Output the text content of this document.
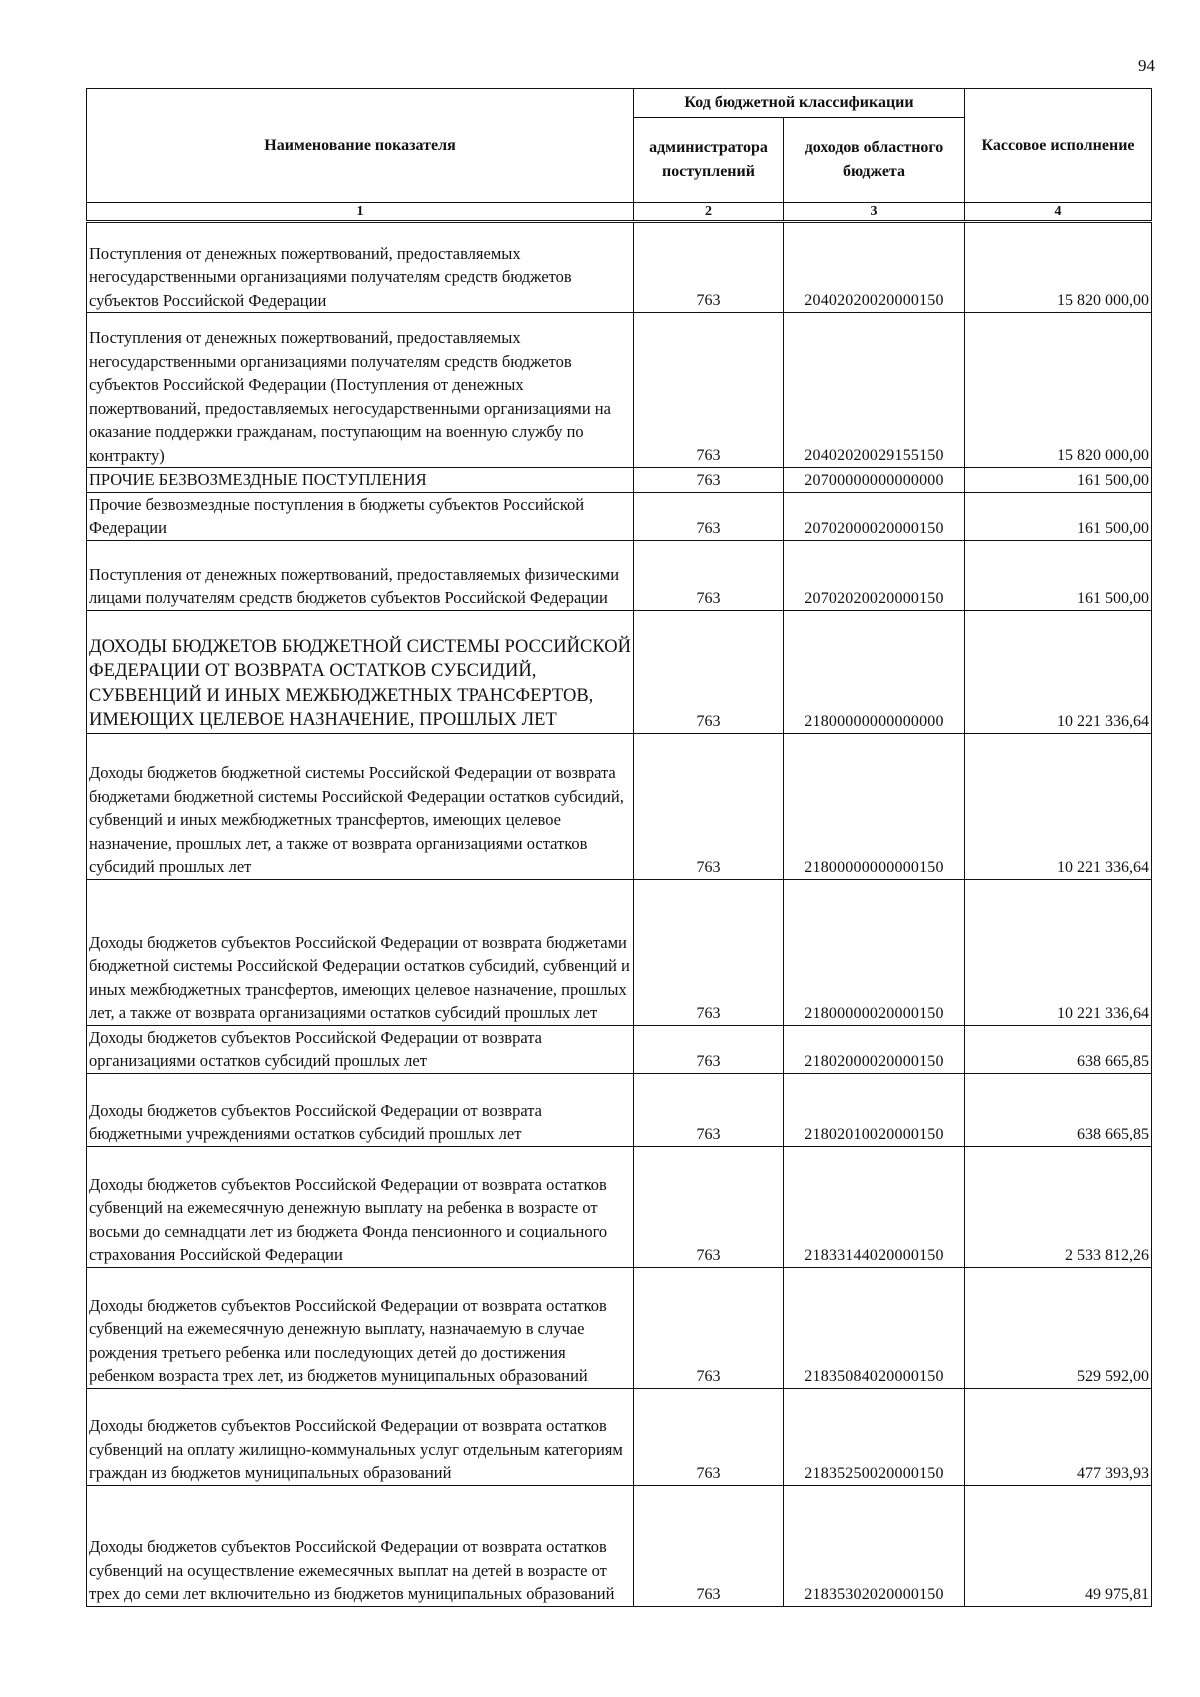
94
Наименование показателя	Код бюджетной классификации		Кассовое исполнение
	администратора поступлений	доходов областного бюджета	
1	2	3	4
Поступления от денежных пожертвований, предоставляемых негосударственными организациями получателям средств бюджетов субъектов Российской Федерации	763	20402020020000150	15 820 000,00
Поступления от денежных пожертвований, предоставляемых негосударственными организациями получателям средств бюджетов субъектов Российской Федерации (Поступления от денежных пожертвований, предоставляемых негосударственными организациями на оказание поддержки гражданам, поступающим на военную службу по контракту)	763	20402020029155150	15 820 000,00
ПРОЧИЕ БЕЗВОЗМЕЗДНЫЕ ПОСТУПЛЕНИЯ	763	20700000000000000	161 500,00
Прочие безвозмездные поступления в бюджеты субъектов Российской Федерации	763	20702000020000150	161 500,00
Поступления от денежных пожертвований, предоставляемых физическими лицами получателям средств бюджетов субъектов Российской Федерации	763	20702020020000150	161 500,00
ДОХОДЫ БЮДЖЕТОВ БЮДЖЕТНОЙ СИСТЕМЫ РОССИЙСКОЙ ФЕДЕРАЦИИ ОТ ВОЗВРАТА ОСТАТКОВ СУБСИДИЙ, СУБВЕНЦИЙ И ИНЫХ МЕЖБЮДЖЕТНЫХ ТРАНСФЕРТОВ, ИМЕЮЩИХ ЦЕЛЕВОЕ НАЗНАЧЕНИЕ, ПРОШЛЫХ ЛЕТ	763	21800000000000000	10 221 336,64
Доходы бюджетов бюджетной системы Российской Федерации от возврата бюджетами бюджетной системы Российской Федерации остатков субсидий, субвенций и иных межбюджетных трансфертов, имеющих целевое назначение, прошлых лет, а также от возврата организациями остатков субсидий прошлых лет	763	21800000000000150	10 221 336,64
Доходы бюджетов субъектов Российской Федерации от возврата бюджетами бюджетной системы Российской Федерации остатков субсидий, субвенций и иных межбюджетных трансфертов, имеющих целевое назначение, прошлых лет, а также от возврата организациями остатков субсидий прошлых лет	763	21800000020000150	10 221 336,64
Доходы бюджетов субъектов Российской Федерации от возврата организациями остатков субсидий прошлых лет	763	21802000020000150	638 665,85
Доходы бюджетов субъектов Российской Федерации от возврата бюджетными учреждениями остатков субсидий прошлых лет	763	21802010020000150	638 665,85
Доходы бюджетов субъектов Российской Федерации от возврата остатков субвенций на ежемесячную денежную выплату на ребенка в возрасте от восьми до семнадцати лет из бюджета Фонда пенсионного и социального страхования Российской Федерации	763	21833144020000150	2 533 812,26
Доходы бюджетов субъектов Российской Федерации от возврата остатков субвенций на ежемесячную денежную выплату, назначаемую в случае рождения третьего ребенка или последующих детей до достижения ребенком возраста трех лет, из бюджетов муниципальных образований	763	21835084020000150	529 592,00
Доходы бюджетов субъектов Российской Федерации от возврата остатков субвенций на оплату жилищно-коммунальных услуг отдельным категориям граждан из бюджетов муниципальных образований	763	21835250020000150	477 393,93
Доходы бюджетов субъектов Российской Федерации от возврата остатков субвенций на осуществление ежемесячных выплат на детей в возрасте от трех до семи лет включительно из бюджетов муниципальных образований	763	21835302020000150	49 975,81
